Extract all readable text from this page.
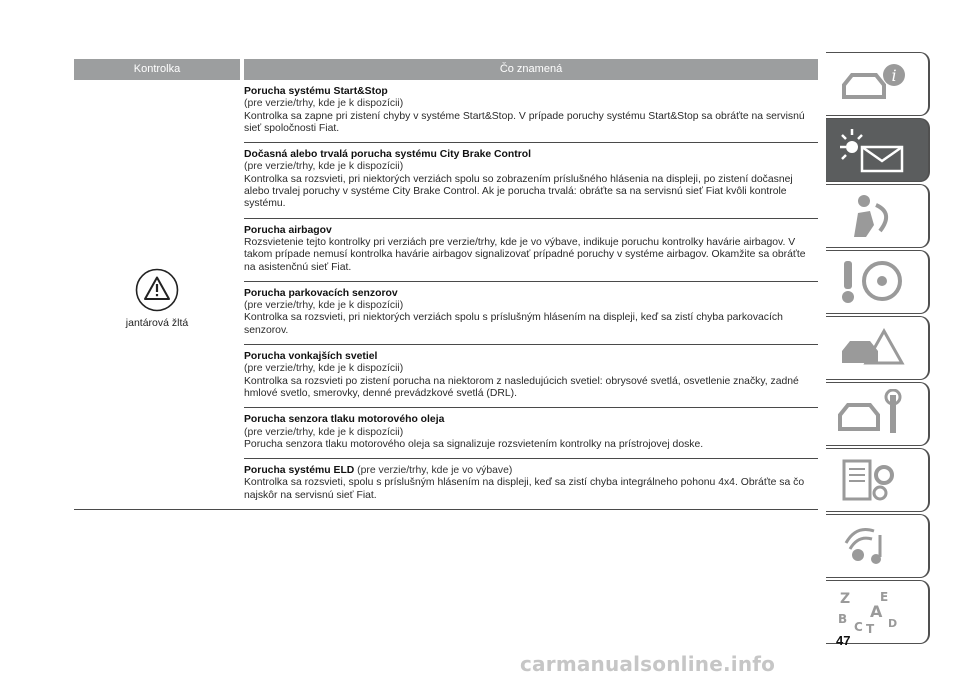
Kontrolka	Čo znamená
jantárová žltá
Porucha systému Start&Stop
(pre verzie/trhy, kde je k dispozícii)
Kontrolka sa zapne pri zistení chyby v systéme Start&Stop. V prípade poruchy systému Start&Stop sa obráťte na servisnú sieť spoločnosti Fiat.
Dočasná alebo trvalá porucha systému City Brake Control
(pre verzie/trhy, kde je k dispozícii)
Kontrolka sa rozsvieti, pri niektorých verziách spolu so zobrazením príslušného hlásenia na displeji, po zistení dočasnej alebo trvalej poruchy v systéme City Brake Control. Ak je porucha trvalá: obráťte sa na servisnú sieť Fiat kvôli kontrole systému.
Porucha airbagov
Rozsvietenie tejto kontrolky pri verziách pre verzie/trhy, kde je vo výbave, indikuje poruchu kontrolky havárie airbagov. V takom prípade nemusí kontrolka havárie airbagov signalizovať prípadné poruchy v systéme airbagov. Okamžite sa obráťte na asistenčnú sieť Fiat.
Porucha parkovacích senzorov
(pre verzie/trhy, kde je k dispozícii)
Kontrolka sa rozsvieti, pri niektorých verziách spolu s príslušným hlásením na displeji, keď sa zistí chyba parkovacích senzorov.
Porucha vonkajších svetiel
(pre verzie/trhy, kde je k dispozícii)
Kontrolka sa rozsvieti po zistení porucha na niektorom z nasledujúcich svetiel: obrysové svetlá, osvetlenie značky, zadné hmlové svetlo, smerovky, denné prevádzkové svetlá (DRL).
Porucha senzora tlaku motorového oleja
(pre verzie/trhy, kde je k dispozícii)
Porucha senzora tlaku motorového oleja sa signalizuje rozsvietením kontrolky na prístrojovej doske.
Porucha systému ELD (pre verzie/trhy, kde je vo výbave)
Kontrolka sa rozsvieti, spolu s príslušným hlásením na displeji, keď sa zistí chyba integrálneho pohonu 4x4. Obráťte sa čo najskôr na servisnú sieť Fiat.
i
Z E
A
B
C T D
47
carmanualsonline.info
